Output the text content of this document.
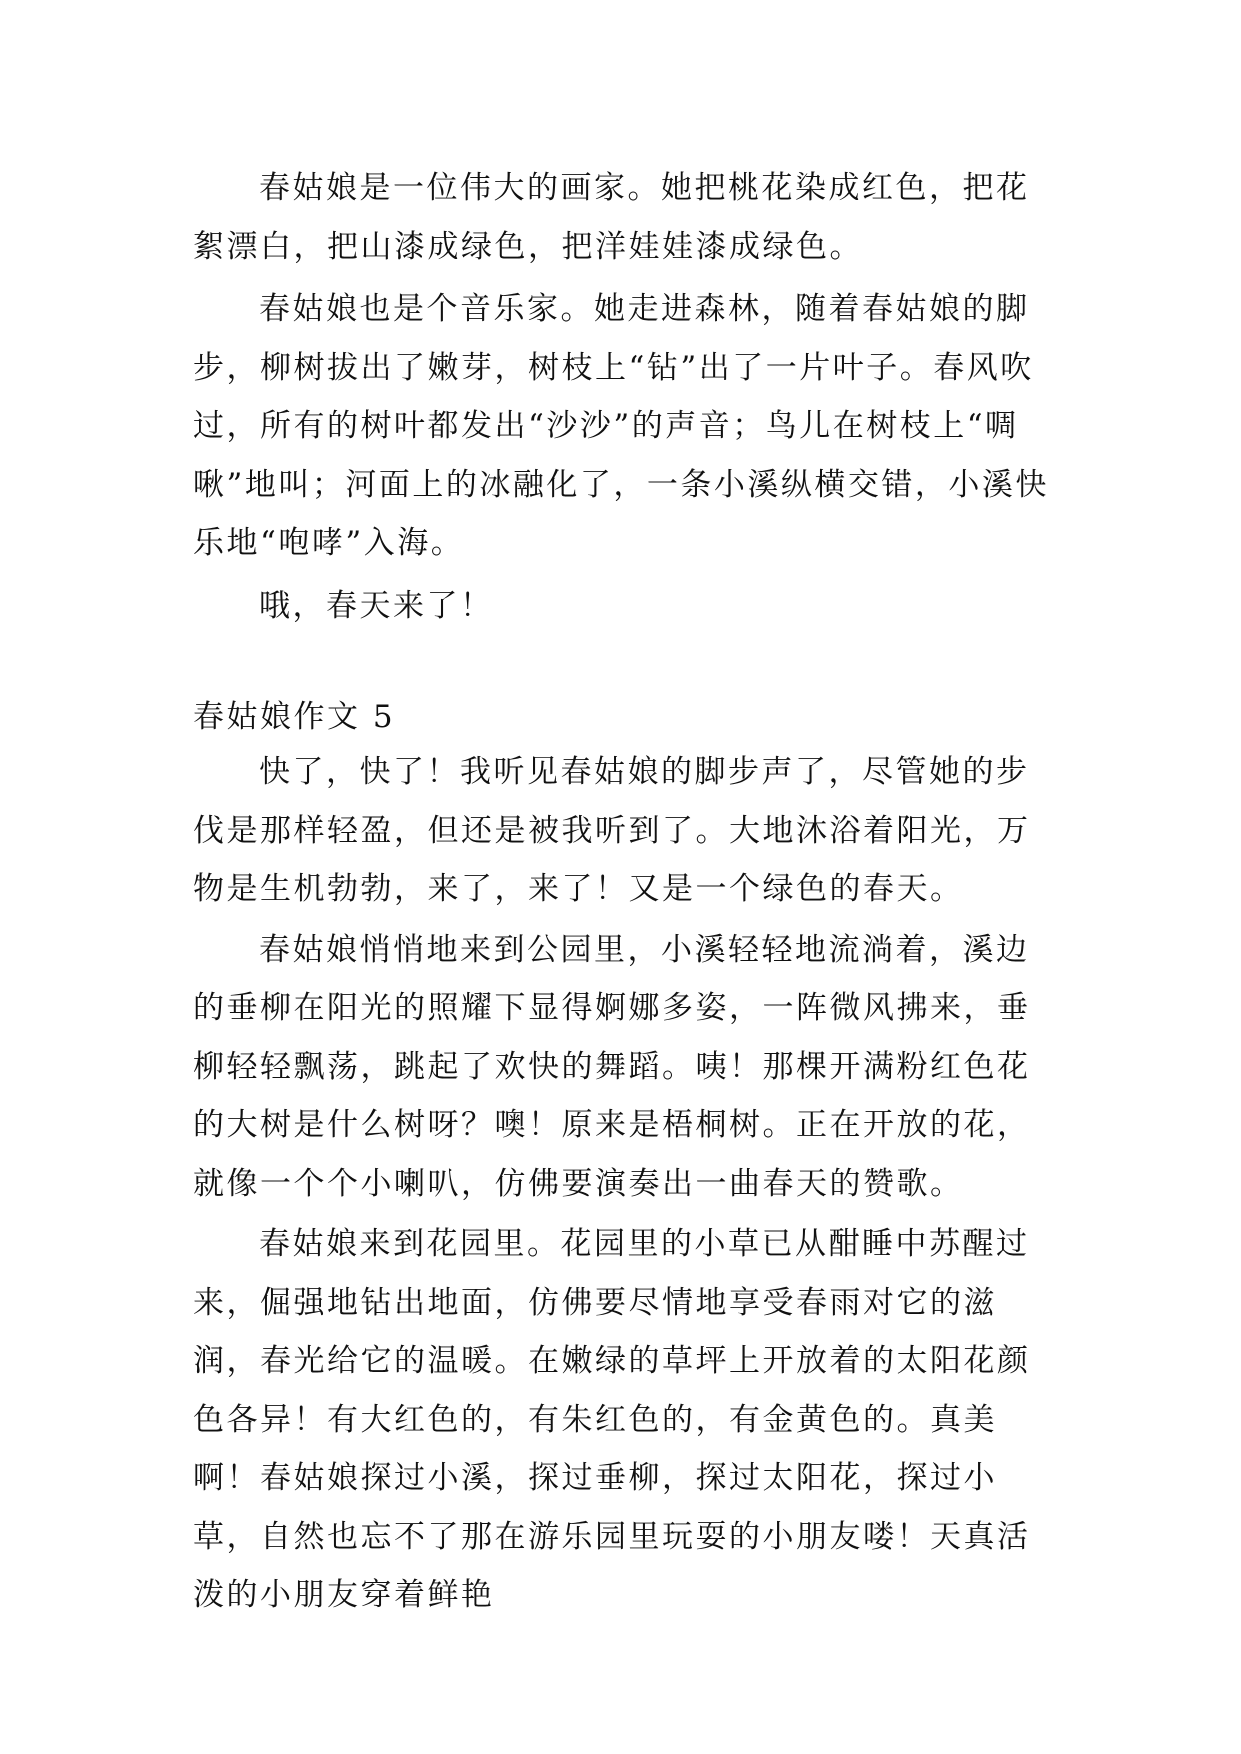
春姑娘是一位伟大的画家。她把桃花染成红色，把花絮漂白，把山漆成绿色，把洋娃娃漆成绿色。

春姑娘也是个音乐家。她走进森林，随着春姑娘的脚步，柳树拔出了嫩芽，树枝上“钻”出了一片叶子。春风吹过，所有的树叶都发出“沙沙”的声音；鸟儿在树枝上“啁啾”地叫；河面上的冰融化了，一条小溪纵横交错，小溪快乐地“咆哮”入海。

哦，春天来了！

春姑娘作文 5

快了，快了！我听见春姑娘的脚步声了，尽管她的步伐是那样轻盈，但还是被我听到了。大地沐浴着阳光，万物是生机勃勃，来了，来了！又是一个绿色的春天。

春姑娘悄悄地来到公园里，小溪轻轻地流淌着，溪边的垂柳在阳光的照耀下显得婀娜多姿，一阵微风拂来，垂柳轻轻飘荡，跳起了欢快的舞蹈。咦！那棵开满粉红色花的大树是什么树呀？噢！原来是梧桐树。正在开放的花，就像一个个小喇叭，仿佛要演奏出一曲春天的赞歌。

春姑娘来到花园里。花园里的小草已从酣睡中苏醒过来，倔强地钻出地面，仿佛要尽情地享受春雨对它的滋润，春光给它的温暖。在嫩绿的草坪上开放着的太阳花颜色各异！有大红色的，有朱红色的，有金黄色的。真美啊！春姑娘探过小溪，探过垂柳，探过太阳花，探过小草，自然也忘不了那在游乐园里玩耍的小朋友喽！天真活泼的小朋友穿着鲜艳
